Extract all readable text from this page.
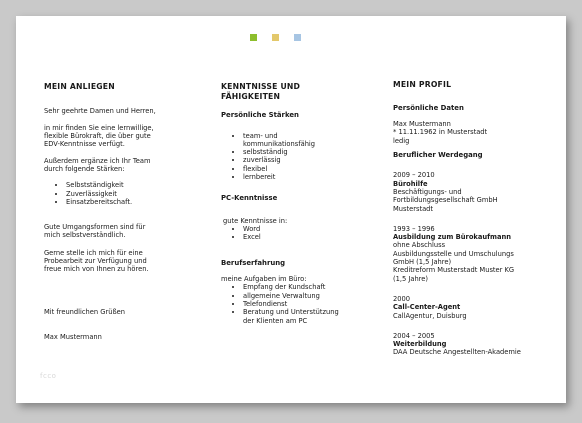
MEIN ANLIEGEN

Sehr geehrte Damen und Herren,

in mir finden Sie eine lernwillige,
flexible Bürokraft, die über gute
EDV-Kenntnisse verfügt.

Außerdem ergänze ich Ihr Team
durch folgende Stärken:

• Selbstständigkeit
• Zuverlässigkeit
• Einsatzbereitschaft.

Gute Umgangsformen sind für
mich selbstverständlich.

Gerne stelle ich mich für eine
Probearbeit zur Verfügung und
freue mich von Ihnen zu hören.

Mit freundlichen Grüßen

Max Mustermann

KENNTNISSE UND
FÄHIGKEITEN
Persönliche Stärken
• team- und
kommunikationsfähig
• selbstständig
• zuverlässig
• flexibel
• lernbereit
PC-Kenntnisse

gute Kenntnisse in:

• Word
• Excel
Berufserfahrung

meine Aufgaben im Büro:

• Empfang der Kundschaft
• allgemeine Verwaltung
• Telefondienst
• Beratung und Unterstützung
der Klienten am PC
MEIN PROFIL
Persönliche Daten

Max Mustermann
* 11.11.1962 in Musterstadt
ledig

Beruflicher Werdegang

2009 – 2010

Bürohilfe

Beschäftigungs- und
Fortbildungsgesellschaft GmbH
Musterstadt

1993 – 1996

Ausbildung zum Bürokaufmann

ohne Abschluss
Ausbildungsstelle und Umschulungs
GmbH (1,5 Jahre)
Kreditreform Musterstadt Muster KG
(1,5 Jahre)

2000

Call-Center-Agent

CallAgentur, Duisburg

2004 – 2005

Weiterbildung

DAA Deutsche Angestellten-Akademie

fcco
